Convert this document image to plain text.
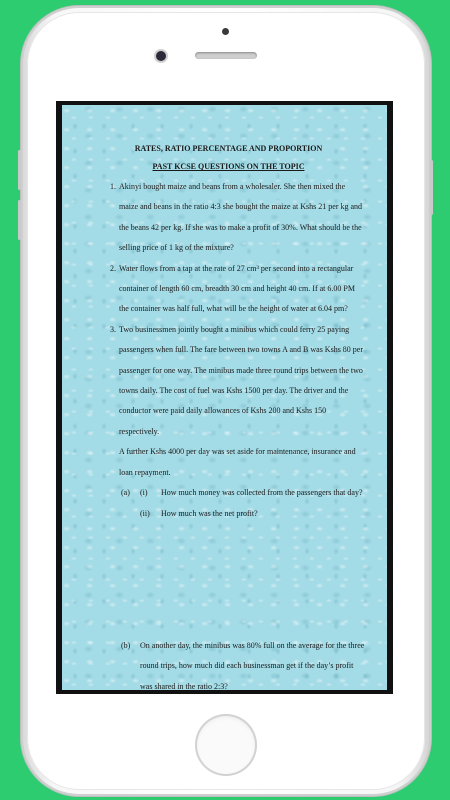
RATES, RATIO PERCENTAGE AND PROPORTION
PAST KCSE QUESTIONS ON THE TOPIC
1. Akinyi bought maize and beans from a wholesaler. She then mixed the
maize and beans in the ratio 4:3 she bought the maize at Kshs 21 per kg and
the beans 42 per kg. If she was to make a profit of 30%. What should be the
selling price of 1 kg of the mixture?
2. Water flows from a tap at the rate of 27 cm³ per second into a rectangular
container of length 60 cm, breadth 30 cm and height 40 cm. If at 6.00 PM
the container was half full, what will be the height of water at 6.04 pm?
3. Two businessmen jointly bought a minibus which could ferry 25 paying
passengers when full. The fare between two towns A and B was Kshs 80 per
passenger for one way. The minibus made three round trips between the two
towns daily. The cost of fuel was Kshs 1500 per day. The driver and the
conductor were paid daily allowances of Kshs 200 and Kshs 150
respectively.
A further Kshs 4000 per day was set aside for maintenance, insurance and
loan repayment.
(a) (i)	How much money was collected from the passengers that day?
(ii) How much was the net profit?
(b) On another day, the minibus was 80% full on the average for the three
round trips, how much did each businessman get if the day’s profit
was shared in the ratio 2:3?
